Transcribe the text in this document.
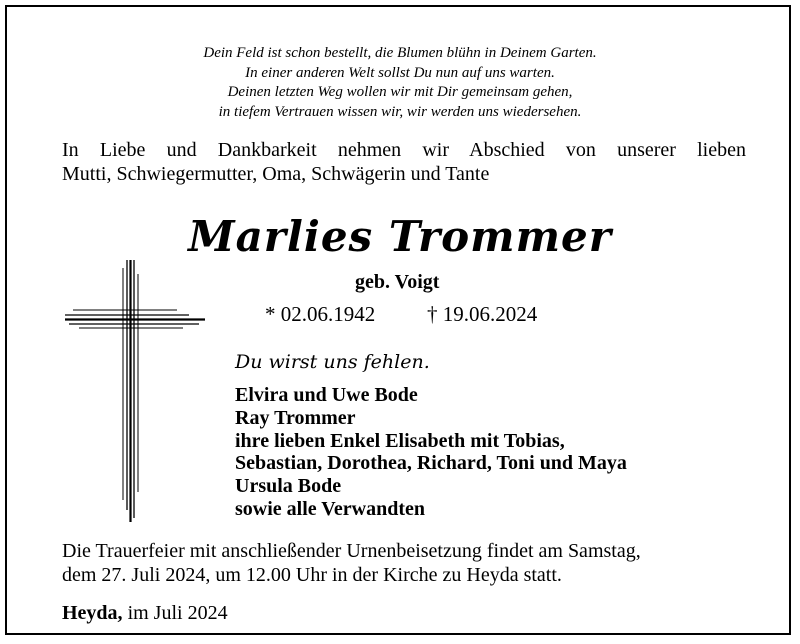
Dein Feld ist schon bestellt, die Blumen blühn in Deinem Garten.
In einer anderen Welt sollst Du nun auf uns warten.
Deinen letzten Weg wollen wir mit Dir gemeinsam gehen,
in tiefem Vertrauen wissen wir, wir werden uns wiedersehen.
In Liebe und Dankbarkeit nehmen wir Abschied von unserer lieben
Mutti, Schwiegermutter, Oma, Schwägerin und Tante
Marlies Trommer
geb. Voigt
* 02.06.1942 † 19.06.2024
Du wirst uns fehlen.
Elvira und Uwe Bode
Ray Trommer
ihre lieben Enkel Elisabeth mit Tobias,
Sebastian, Dorothea, Richard, Toni und Maya
Ursula Bode
sowie alle Verwandten
Die Trauerfeier mit anschließender Urnenbeisetzung findet am Samstag,
dem 27. Juli 2024, um 12.00 Uhr in der Kirche zu Heyda statt.
Heyda, im Juli 2024
